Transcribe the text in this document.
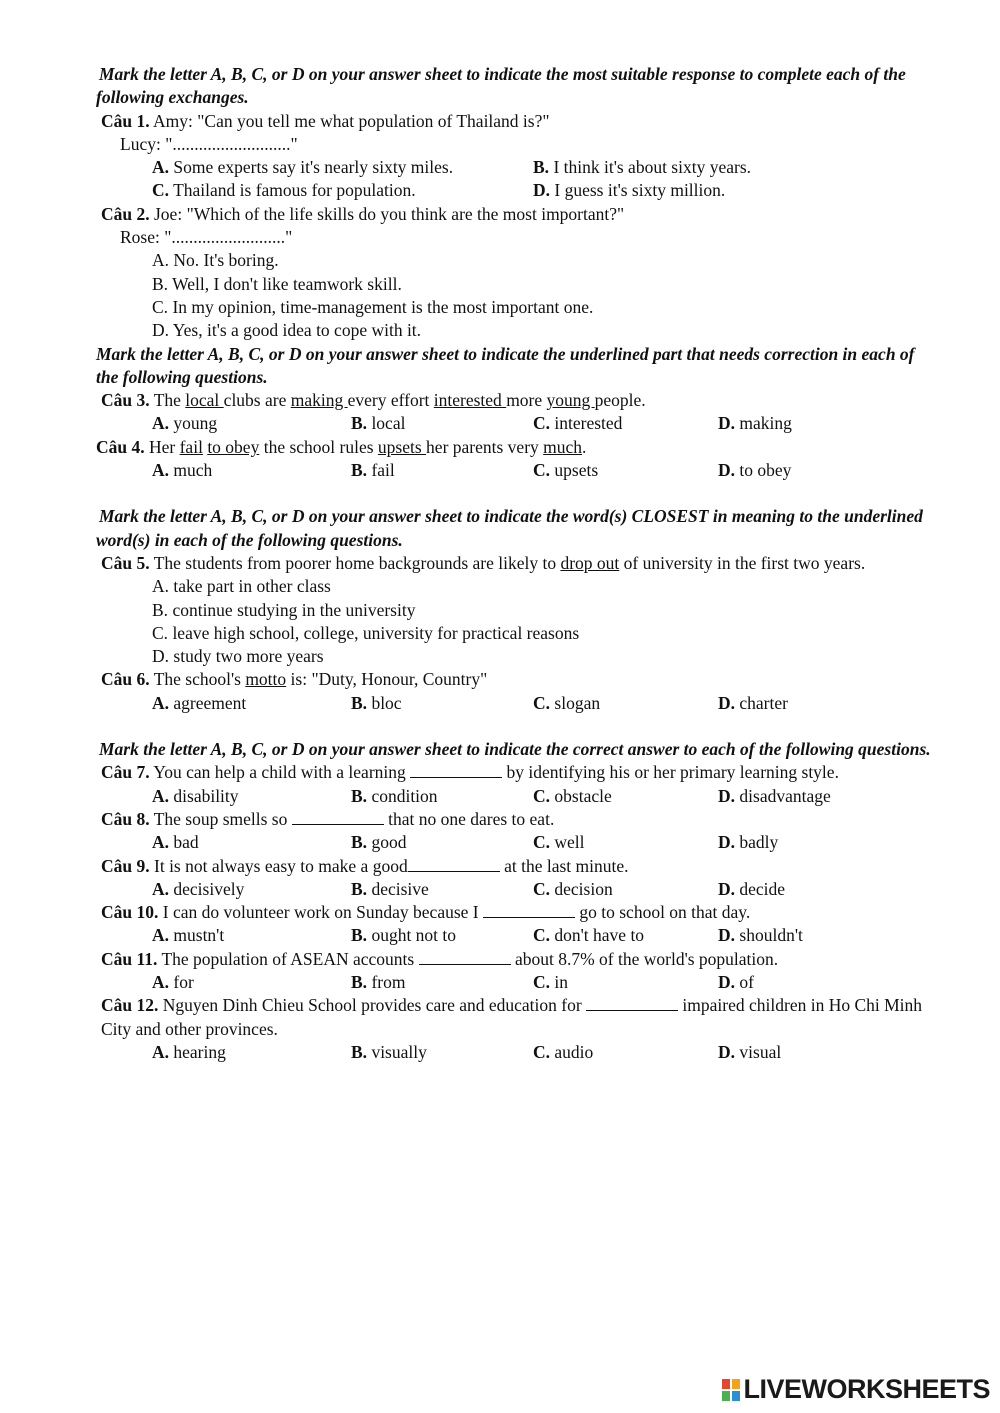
Mark the letter A, B, C, or D on your answer sheet to indicate the most suitable response to complete each of the following exchanges.

Câu 1. Amy: "Can you tell me what population of Thailand is?"

Lucy: "..........................."

A. Some experts say it's nearly sixty miles.	B. I think it's about sixty years.
C. Thailand is famous for population.	D. I guess it's sixty million.

Câu 2. Joe: "Which of the life skills do you think are the most important?"

Rose: ".........................."

A. No. It's boring.

B. Well, I don't like teamwork skill.

C. In my opinion, time-management is the most important one.

D. Yes, it's a good idea to cope with it.

Mark the letter A, B, C, or D on your answer sheet to indicate the underlined part that needs correction in each of the following questions.

Câu 3. The local clubs are making every effort interested more young people.

A. young	B. local	C. interested	D. making

Câu 4. Her fail to obey the school rules upsets her parents very much.

A. much	B. fail	C. upsets	D. to obey

Mark the letter A, B, C, or D on your answer sheet to indicate the word(s) CLOSEST in meaning to the underlined word(s) in each of the following questions.

Câu 5. The students from poorer home backgrounds are likely to drop out of university in the first two years.

A. take part in other class

B. continue studying in the university

C. leave high school, college, university for practical reasons

D. study two more years

Câu 6. The school's motto is: "Duty, Honour, Country"

A. agreement	B. bloc	C. slogan	D. charter

Mark the letter A, B, C, or D on your answer sheet to indicate the correct answer to each of the following questions.

Câu 7. You can help a child with a learning	by identifying his or her primary learning style.

A. disability	B. condition	C. obstacle	D. disadvantage

Câu 8. The soup smells so	that no one dares to eat.

A. bad	B. good	C. well	D. badly

Câu 9. It is not always easy to make a good	at the last minute.

A. decisively	B. decisive	C. decision	D. decide

Câu 10. I can do volunteer work on Sunday because I	go to school on that day.

A. mustn't	B. ought not to	C. don't have to	D. shouldn't

Câu 11. The population of ASEAN accounts	about 8.7% of the world's population.

A. for	B. from	C. in	D. of

Câu 12. Nguyen Dinh Chieu School provides care and education for	impaired children in Ho Chi Minh City and other provinces.

A. hearing	B. visually	C. audio	D. visual
LIVEWORKSHEETS
